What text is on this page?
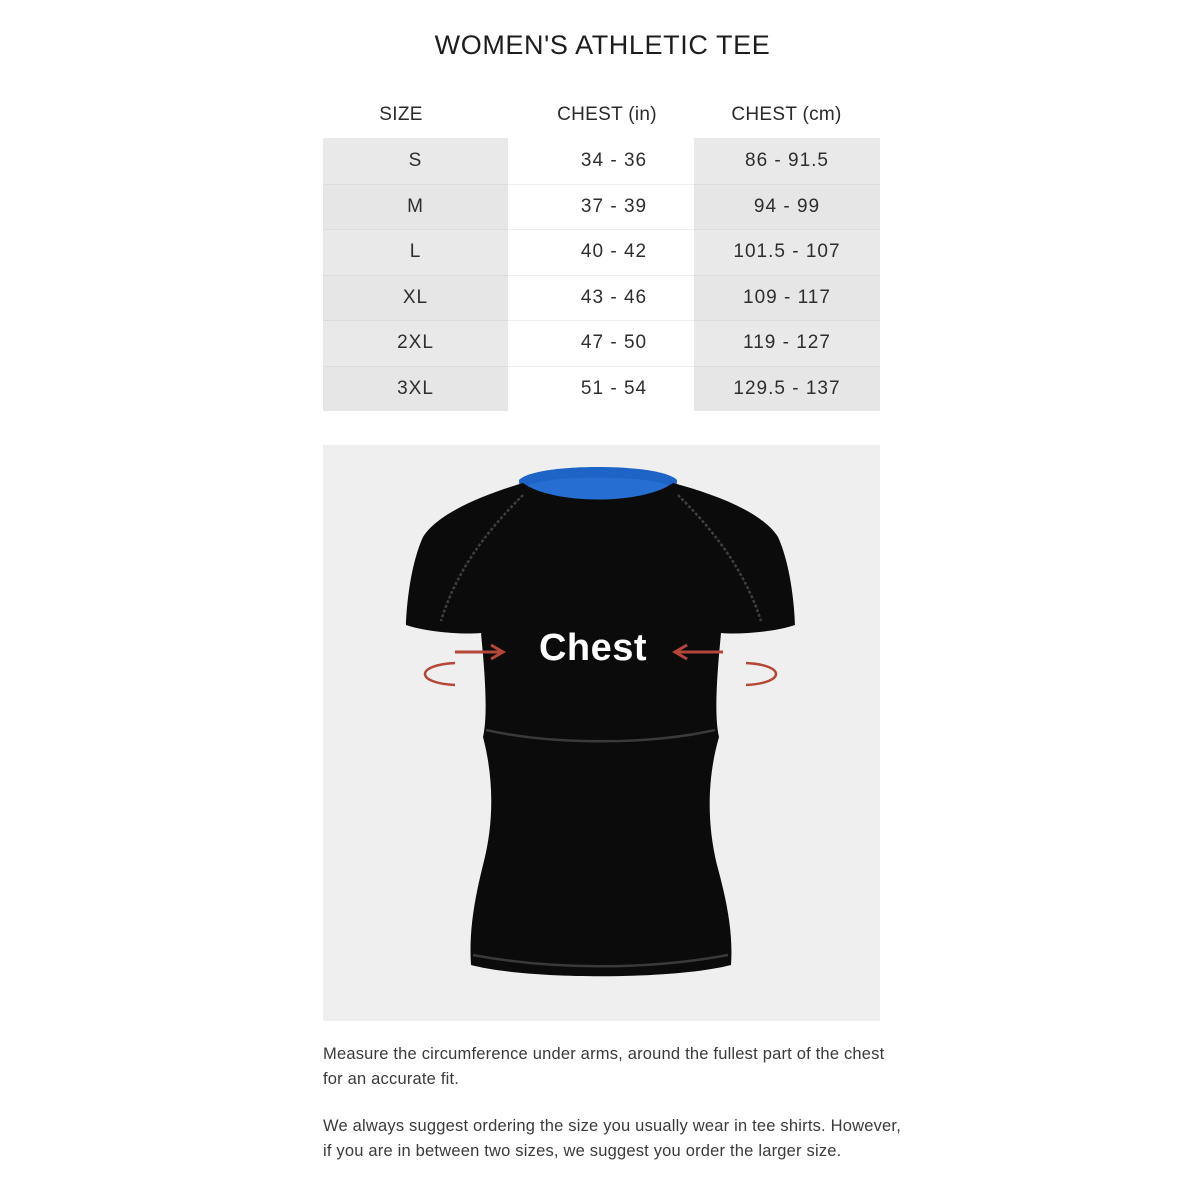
WOMEN'S ATHLETIC TEE
SIZE	CHEST (in)	CHEST (cm)
S	34 - 36	86 - 91.5
M	37 - 39	94 - 99
L	40 - 42	101.5 - 107
XL	43 - 46	109 - 117
2XL	47 - 50	119 - 127
3XL	51 - 54	129.5 - 137
Chest
Measure the circumference under arms, around the fullest part of the chest for an accurate fit.
We always suggest ordering the size you usually wear in tee shirts. However, if you are in between two sizes, we suggest you order the larger size.
